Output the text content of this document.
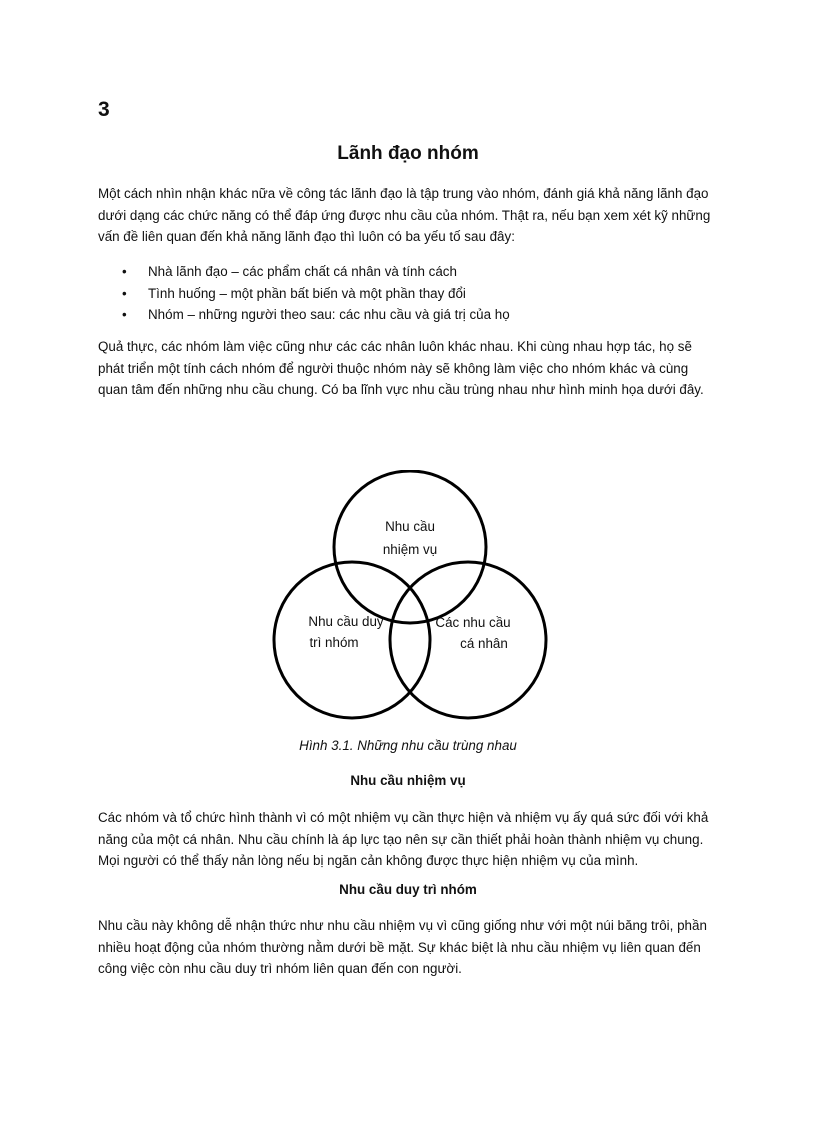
3
Lãnh đạo nhóm
Một cách nhìn nhận khác nữa về công tác lãnh đạo là tập trung vào nhóm, đánh giá khả năng lãnh đạo dưới dạng các chức năng có thể đáp ứng được nhu cầu của nhóm. Thật ra, nếu bạn xem xét kỹ những vấn đề liên quan đến khả năng lãnh đạo thì luôn có ba yếu tố sau đây:
• Nhà lãnh đạo – các phẩm chất cá nhân và tính cách
• Tình huống – một phần bất biến và một phần thay đổi
• Nhóm – những người theo sau: các nhu cầu và giá trị của họ
Quả thực, các nhóm làm việc cũng như các các nhân luôn khác nhau. Khi cùng nhau hợp tác, họ sẽ phát triển một tính cách nhóm để người thuộc nhóm này sẽ không làm việc cho nhóm khác và cùng quan tâm đến những nhu cầu chung. Có ba lĩnh vực nhu cầu trùng nhau như hình minh họa dưới đây.
Nhu cầu
nhiệm vụ
Nhu cầu duy
trì nhóm
Các nhu cầu
cá nhân
Hình 3.1. Những nhu cầu trùng nhau
Nhu cầu nhiệm vụ
Các nhóm và tổ chức hình thành vì có một nhiệm vụ cần thực hiện và nhiệm vụ ấy quá sức đối với khả năng của một cá nhân. Nhu cầu chính là áp lực tạo nên sự cần thiết phải hoàn thành nhiệm vụ chung. Mọi người có thể thấy nản lòng nếu bị ngăn cản không được thực hiện nhiệm vụ của mình.
Nhu cầu duy trì nhóm
Nhu cầu này không dễ nhận thức như nhu cầu nhiệm vụ vì cũng giống như với một núi băng trôi, phần nhiều hoạt động của nhóm thường nằm dưới bề mặt. Sự khác biệt là nhu cầu nhiệm vụ liên quan đến công việc còn nhu cầu duy trì nhóm liên quan đến con người.
